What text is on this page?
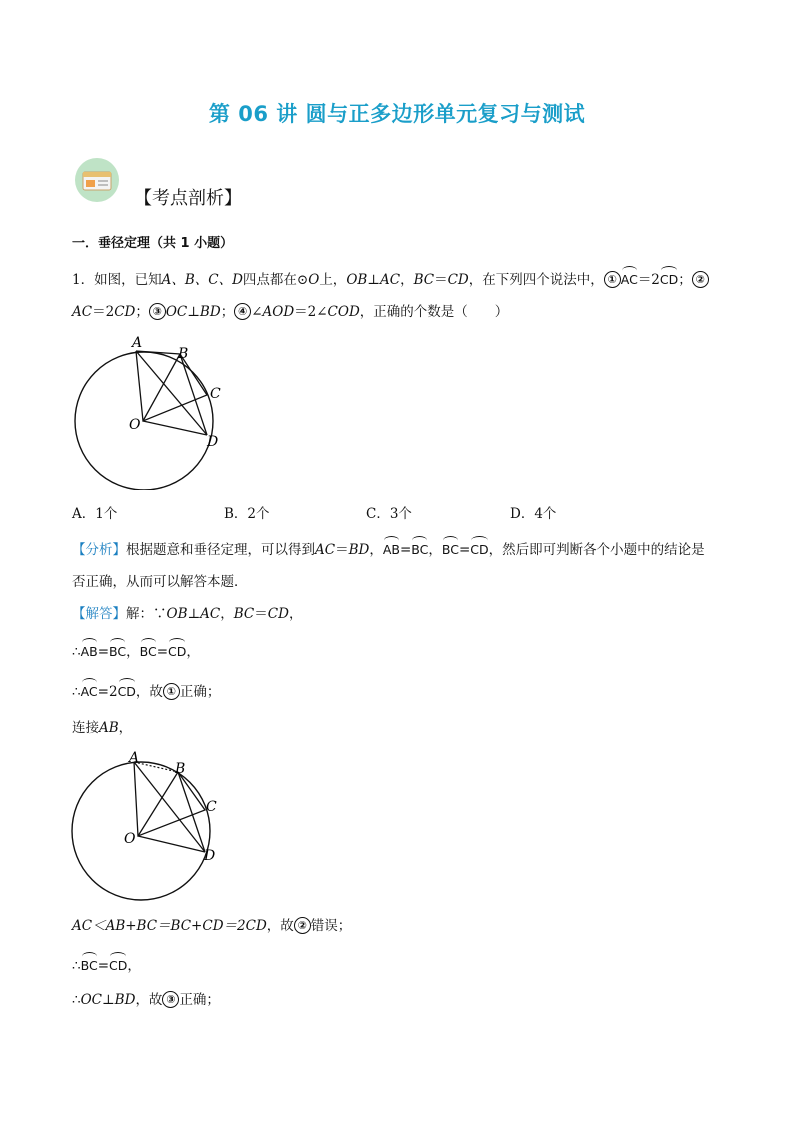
第 06 讲 圆与正多边形单元复习与测试
【考点剖析】
一．垂径定理（共 1 小题）
1．如图，已知A、B、C、D四点都在⊙O上，OB⊥AC，BC＝CD，在下列四个说法中， ① AC＝2CD； ②
AC＝2CD； ③ OC⊥BD； ④ ∠AOD＝2∠COD，正确的个数是（　　）
A
B
C
D
O
A．1个	B．2个	C．3个	D．4个
【分析】根据题意和垂径定理，可以得到AC＝BD，AB=BC，BC=CD，然后即可判断各个小题中的结论是
否正确，从而可以解答本题．
【解答】解：∵OB⊥AC，BC＝CD，
∴AB=BC，BC=CD，
∴AC=2CD，故 ① 正确；
连接AB，
A
B
C
D
O
AC＜AB+BC＝BC+CD＝2CD，故 ② 错误；
∴BC=CD，
∴OC⊥BD，故 ③ 正确；
